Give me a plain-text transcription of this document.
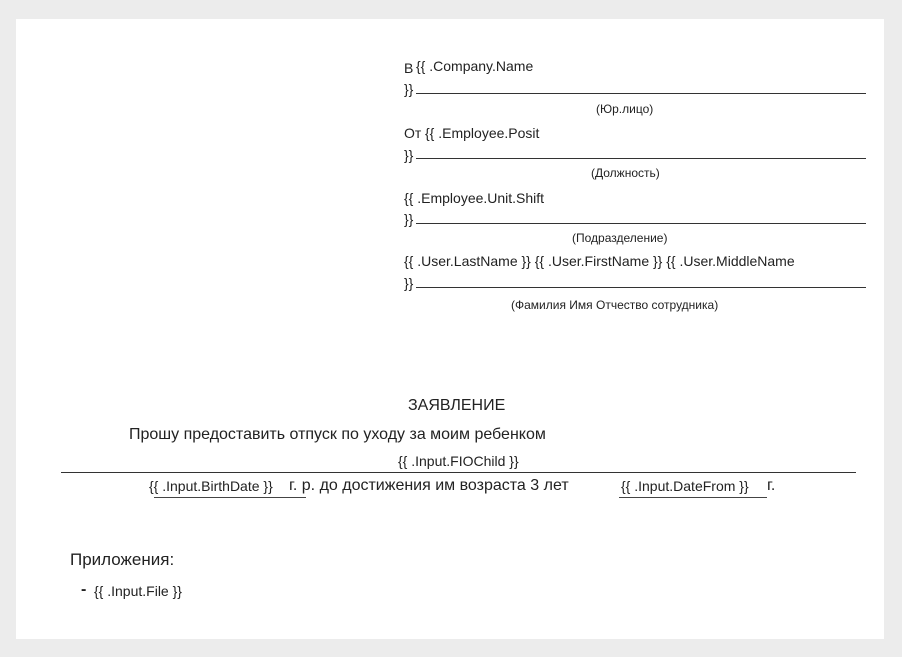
В {{ .Company.Name
}}
(Юр.лицо)
От {{ .Employee.Posit
}}
(Должность)
{{ .Employee.Unit.Shift
}}
(Подразделение)
{{ .User.LastName }} {{ .User.FirstName }} {{ .User.MiddleName
}}
(Фамилия Имя Отчество сотрудника)
ЗАЯВЛЕНИЕ
Прошу предоставить отпуск по уходу за моим ребенком
{{ .Input.FIOChild }}
{{ .Input.BirthDate }} г. р. до достижения им возраста 3 лет	{{ .Input.DateFrom }} г.
Приложения:
- {{ .Input.File }}
